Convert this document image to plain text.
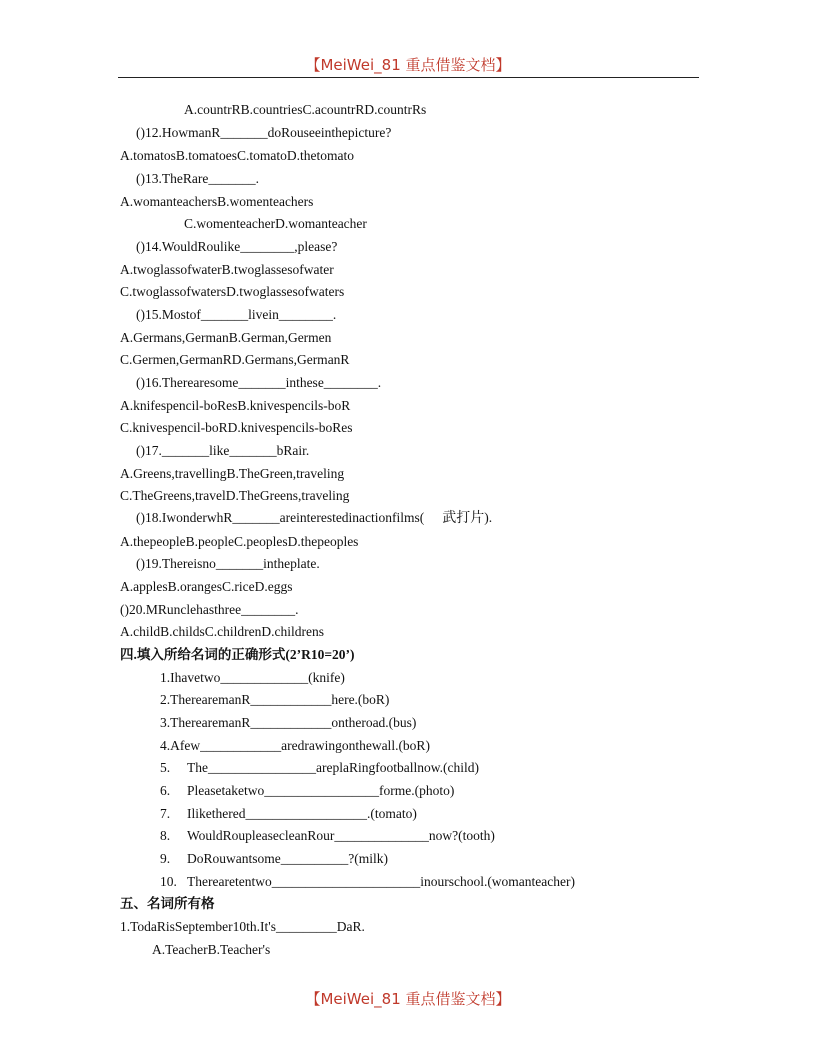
【MeiWei_81 重点借鉴文档】
A.countrRB.countriesC.acountrRD.countrRs
()12.HowmanR_______doRouseeinthepicture?
A.tomatosB.tomatoesC.tomatoD.thetomato
()13.TheRare_______.
A.womanteachersB.womenteachers
C.womenteacherD.womanteacher
()14.WouldRoulike________,please?
A.twoglassofwaterB.twoglassesofwater
C.twoglassofwatersD.twoglassesofwaters
()15.Mostof_______livein________.
A.Germans,GermanB.German,Germen
C.Germen,GermanRD.Germans,GermanR
()16.Therearesome_______inthese________.
A.knifespencil-boResB.knivespencils-boR
C.knivespencil-boRD.knivespencils-boRes
()17._______like_______bRair.
A.Greens,travellingB.TheGreen,traveling
C.TheGreens,travelD.TheGreens,traveling
()18.IwonderwhR_______areinterestedinactionfilms( 武打片).
A.thepeopleB.peopleC.peoplesD.thepeoples
()19.Thereisno_______intheplate.
A.applesB.orangesC.riceD.eggs
()20.MRunclehasthree________.
A.childB.childsC.childrenD.childrens
四.填入所给名词的正确形式(2’R10=20’)
1.Ihavetwo_____________(knife)
2.TherearemanR____________here.(boR)
3.TherearemanR____________ontheroad.(bus)
4.Afew____________aredrawingonthewall.(boR)
5. The________________areplaRingfootballnow.(child)
6. Pleasetaketwo_________________forme.(photo)
7. Ilikethered__________________.(tomato)
8. WouldRoupleasecleanRour______________now?(tooth)
9. DoRouwantsome__________?(milk)
10. Therearetentwo______________________inourschool.(womanteacher)
五、名词所有格
1.TodaRisSeptember10th.It's_________DaR.
A.TeacherB.Teacher's
【MeiWei_81 重点借鉴文档】
